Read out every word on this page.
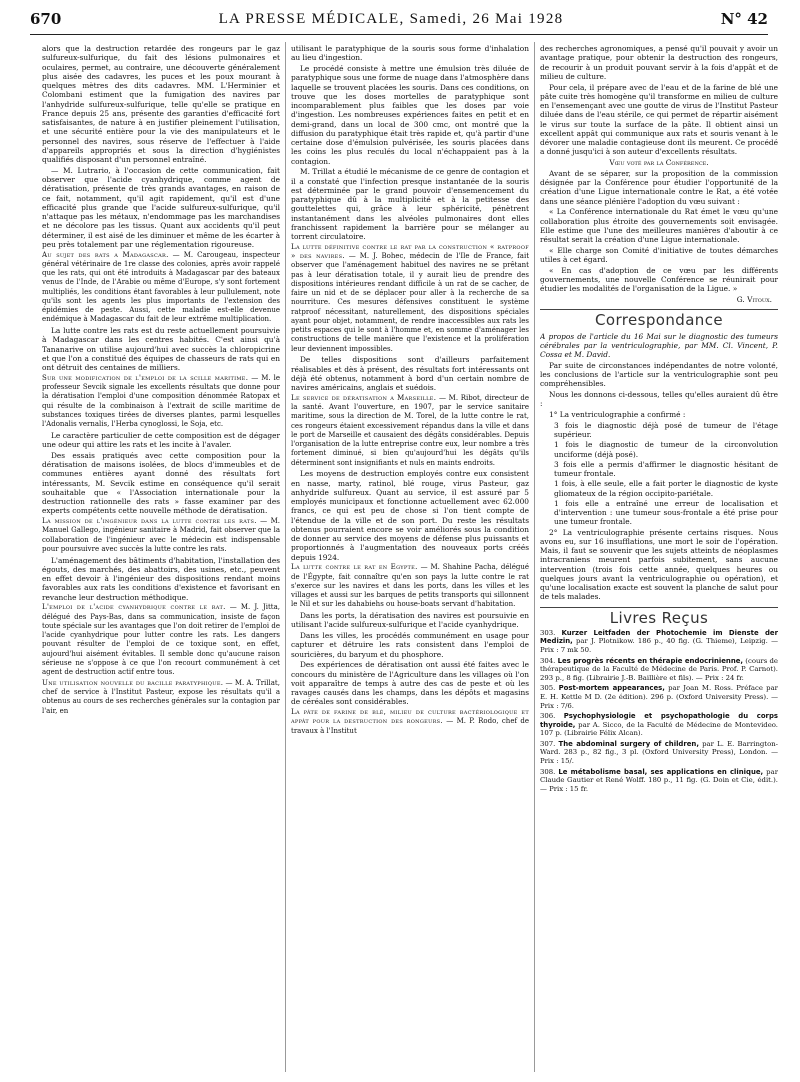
670	LA PRESSE MÉDICALE, Samedi, 26 Mai 1928	N° 42

alors que la destruction retardée des rongeurs par le gaz sulfureux-sulfurique, du fait des lésions pulmonaires et oculaires, permet, au contraire, une découverte généralement plus aisée des cadavres, les puces et les poux mourant à quelques mètres des dits cadavres. MM. L'Herminier et Colombani estiment que la fumigation des navires par l'anhydride sulfureux-sulfurique, telle qu'elle se pratique en France depuis 25 ans, présente des garanties d'efficacité fort satisfaisantes, de nature à en justifier pleinement l'utilisation, et une sécurité entière pour la vie des manipulateurs et le personnel des navires, sous réserve de l'effectuer à l'aide d'appareils appropriés et sous la direction d'hygiénistes qualifiés disposant d'un personnel entraîné.

— M. Lutrario, à l'occasion de cette communication, fait observer que l'acide cyanhydrique, comme agent de dératisation, présente de très grands avantages, en raison de ce fait, notamment, qu'il agit rapidement, qu'il est d'une efficacité plus grande que l'acide sulfureux-sulfurique, qu'il n'attaque pas les métaux, n'endommage pas les marchandises et ne décolore pas les tissus. Quant aux accidents qu'il peut déterminer, il est aisé de les diminuer et même de les écarter à peu près totalement par une réglementation rigoureuse.

Au sujet des rats a Madagascar. — M. Carougeau, inspecteur général vétérinaire de 1re classe des colonies, après avoir rappelé que les rats, qui ont été introduits à Madagascar par des bateaux venus de l'Inde, de l'Arabie ou même d'Europe, s'y sont fortement multipliés, les conditions étant favorables à leur pullulement, note qu'ils sont les agents les plus importants de l'extension des épidémies de peste. Aussi, cette maladie est-elle devenue endémique à Madagascar du fait de leur extrême multiplication.

La lutte contre les rats est du reste actuellement poursuivie à Madagascar dans les centres habités. C'est ainsi qu'à Tananarive on utilise aujourd'hui avec succès la chloropicrine et que l'on a constitué des équipes de chasseurs de rats qui en ont détruit des centaines de milliers.

Sur une modification de l'emploi de la scille maritime. — M. le professeur Sevcik signale les excellents résultats que donne pour la dératisation l'emploi d'une composition dénommée Ratopax et qui résulte de la combinaison à l'extrait de scille maritime de substances toxiques tirées de diverses plantes, parmi lesquelles l'Adonalis vernalis, l'Herba cynoglossi, le Soja, etc.

Le caractère particulier de cette composition est de dégager une odeur qui attire les rats et les incite à l'avaler.

Des essais pratiqués avec cette composition pour la dératisation de maisons isolées, de blocs d'immeubles et de communes entières ayant donné des résultats fort intéressants, M. Sevcik estime en conséquence qu'il serait souhaitable que « l'Association internationale pour la destruction rationnelle des rats » fasse examiner par des experts compétents cette nouvelle méthode de dératisation.

La mission de l'ingénieur dans la lutte contre les rats. — M. Manuel Gallego, ingénieur sanitaire à Madrid, fait observer que la collaboration de l'ingénieur avec le médecin est indispensable pour poursuivre avec succès la lutte contre les rats.

L'aménagement des bâtiments d'habitation, l'installation des égouts, des marchés, des abattoirs, des usines, etc., peuvent en effet devoir à l'ingénieur des dispositions rendant moins favorables aux rats les conditions d'existence et favorisant en revanche leur destruction méthodique.

L'emploi de l'acide cyanhydrique contre le rat. — M. J. Jitta, délégué des Pays-Bas, dans sa communication, insiste de façon toute spéciale sur les avantages que l'on doit retirer de l'emploi de l'acide cyanhydrique pour lutter contre les rats. Les dangers pouvant résulter de l'emploi de ce toxique sont, en effet, aujourd'hui aisément évitables. Il semble donc qu'aucune raison sérieuse ne s'oppose à ce que l'on recourt communément à cet agent de destruction actif entre tous.

Une utilisation nouvelle du bacille paratyphique. — M. A. Trillat, chef de service à l'Institut Pasteur, expose les résultats qu'il a obtenus au cours de ses recherches générales sur la contagion par l'air, en

utilisant le paratyphique de la souris sous forme d'inhalation au lieu d'ingestion.

Le procédé consiste à mettre une émulsion très diluée de paratyphique sous une forme de nuage dans l'atmosphère dans laquelle se trouvent placées les souris. Dans ces conditions, on trouve que les doses mortelles de paratyphique sont incomparablement plus faibles que les doses par voie d'ingestion. Les nombreuses expériences faites en petit et en demi-grand, dans un local de 300 cmc, ont montré que la diffusion du paratyphique était très rapide et, qu'à partir d'une certaine dose d'émulsion pulvérisée, les souris placées dans les coins les plus reculés du local n'échappaient pas à la contagion.

M. Trillat a étudié le mécanisme de ce genre de contagion et il a constaté que l'infection presque instantanée de la souris est déterminée par le grand pouvoir d'ensemencement du paratyphique dû à la multiplicité et à la petitesse des gouttelettes qui, grâce à leur sphéricité, pénètrent instantanément dans les alvéoles pulmonaires dont elles franchissent rapidement la barrière pour se mélanger au torrent circulatoire.

La lutte définitive contre le rat par la construction « ratproof » des navires. — M. J. Bohec, médecin de l'Ile de France, fait observer que l'aménagement habituel des navires ne se prêtant pas à leur dératisation totale, il y aurait lieu de prendre des dispositions intérieures rendant difficile à un rat de se cacher, de faire un nid et de se déplacer pour aller à la recherche de sa nourriture. Ces mesures défensives constituent le système ratproof nécessitant, naturellement, des dispositions spéciales ayant pour objet, notamment, de rendre inaccessibles aux rats les petits espaces qui le sont à l'homme et, en somme d'aménager les constructions de telle manière que l'existence et la prolifération leur deviennent impossibles.

De telles dispositions sont d'ailleurs parfaitement réalisables et dès à présent, des résultats fort intéressants ont déjà été obtenus, notamment à bord d'un certain nombre de navires américains, anglais et suédois.

Le service de dératisation a Marseille. — M. Ribot, directeur de la santé. Avant l'ouverture, en 1907, par le service sanitaire maritime, sous la direction de M. Torel, de la lutte contre le rat, ces rongeurs étaient excessivement répandus dans la ville et dans le port de Marseille et causaient des dégâts considérables. Depuis l'organisation de la lutte entreprise contre eux, leur nombre a très fortement diminué, si bien qu'aujourd'hui les dégâts qu'ils déterminent sont insignifiants et nuls en maints endroits.

Les moyens de destruction employés contre eux consistent en nasse, marty, ratinol, blé rouge, virus Pasteur, gaz anhydride sulfureux. Quant au service, il est assuré par 5 employés municipaux et fonctionne actuellement avec 62.000 francs, ce qui est peu de chose si l'on tient compte de l'étendue de la ville et de son port. Du reste les résultats obtenus pourraient encore se voir améliorés sous la condition de donner au service des moyens de défense plus puissants et proportionnés à l'augmentation des nouveaux ports créés depuis 1924.

La lutte contre le rat en Egypte. — M. Shahine Pacha, délégué de l'Égypte, fait connaître qu'en son pays la lutte contre le rat s'exerce sur les navires et dans les ports, dans les villes et les villages et aussi sur les barques de petits transports qui sillonnent le Nil et sur les dahabiehs ou house-boats servant d'habitation.

Dans les ports, la dératisation des navires est poursuivie en utilisant l'acide sulfureux-sulfurique et l'acide cyanhydrique.

Dans les villes, les procédés communément en usage pour capturer et détruire les rats consistent dans l'emploi de souricières, du baryum et du phosphore.

Des expériences de dératisation ont aussi été faites avec le concours du ministère de l'Agriculture dans les villages où l'on voit apparaître de temps à autre des cas de peste et où les ravages causés dans les champs, dans les dépôts et magasins de céréales sont considérables.

La pâte de farine de blé, milieu de culture bactériologique et appât pour la destruction des rongeurs. — M. P. Rodo, chef de travaux à l'Institut

des recherches agronomiques, a pensé qu'il pouvait y avoir un avantage pratique, pour obtenir la destruction des rongeurs, de recourir à un produit pouvant servir à la fois d'appât et de milieu de culture.

Pour cela, il prépare avec de l'eau et de la farine de blé une pâte cuite très homogène qu'il transforme en milieu de culture en l'ensemençant avec une goutte de virus de l'Institut Pasteur diluée dans de l'eau stérile, ce qui permet de répartir aisément le virus sur toute la surface de la pâte. Il obtient ainsi un excellent appât qui communique aux rats et souris venant à le dévorer une maladie contagieuse dont ils meurent. Ce procédé a donné jusqu'ici à son auteur d'excellents résultats.

Vœu voté par la Conférence.

Avant de se séparer, sur la proposition de la commission désignée par la Conférence pour étudier l'opportunité de la création d'une Ligue internationale contre le Rat, a été votée dans une séance plénière l'adoption du vœu suivant :

« La Conférence internationale du Rat émet le vœu qu'une collaboration plus étroite des gouvernements soit envisagée. Elle estime que l'une des meilleures manières d'aboutir à ce résultat serait la création d'une Ligue internationale.

« Elle charge son Comité d'initiative de toutes démarches utiles à cet égard.

« En cas d'adoption de ce vœu par les différents gouvernements, une nouvelle Conférence se réunirait pour étudier les modalités de l'organisation de la Ligue. »

G. Vitoux.

Correspondance

A propos de l'article du 16 Mai sur le diagnostic des tumeurs cérébrales par la ventriculographie, par MM. Cl. Vincent, P. Cossa et M. David.

Par suite de circonstances indépendantes de notre volonté, les conclusions de l'article sur la ventriculographie sont peu compréhensibles.

Nous les donnons ci-dessous, telles qu'elles auraient dû être :

1° La ventriculographie a confirmé :

3 fois le diagnostic déjà posé de tumeur de l'étage supérieur.

1 fois le diagnostic de tumeur de la circonvolution unciforme (déjà posé).

3 fois elle a permis d'affirmer le diagnostic hésitant de tumeur frontale.

1 fois, à elle seule, elle a fait porter le diagnostic de kyste gliomateux de la région occipito-pariétale.

1 fois elle a entraîné une erreur de localisation et d'intervention : une tumeur sous-frontale a été prise pour une tumeur frontale.

2° La ventriculographie présente certains risques. Nous avons eu, sur 16 insufflations, une mort le soir de l'opération. Mais, il faut se souvenir que les sujets atteints de néoplasmes intracraniens meurent parfois subitement, sans aucune intervention (trois fois cette année, quelques heures ou quelques jours avant la ventriculographie ou opération), et qu'une localisation exacte est souvent la planche de salut pour de tels malades.

Livres Reçus

303. Kurzer Leitfaden der Photochemie im Dienste der Medizin, par J. Plotnikow. 186 p., 40 fig. (G. Thieme), Leipzig. — Prix : 7 mk 50.

304. Les progrès récents en thérapie endocrinienne, (cours de thérapeutique de la Faculté de Médecine de Paris. Prof. P. Carnot). 293 p., 8 fig. (Librairie J.-B. Baillière et fils). — Prix : 24 fr.

305. Post-mortem appearances, par Joan M. Ross. Préface par E. H. Kettle M D. (2e édition). 296 p. (Oxford University Press). — Prix : 7/6.

306. Psychophysiologie et psychopathologie du corps thyroïde, par A. Sicco, de la Faculté de Médecine de Montevideo. 107 p. (Librairie Félix Alcan).

307. The abdominal surgery of children, par L. E. Barrington-Ward. 283 p., 82 fig., 3 pl. (Oxford University Press), London. — Prix : 15/.

308. Le métabolisme basal, ses applications en clinique, par Claude Gautier et René Wolff. 180 p., 11 fig. (G. Doin et Cie, édit.). — Prix : 15 fr.
